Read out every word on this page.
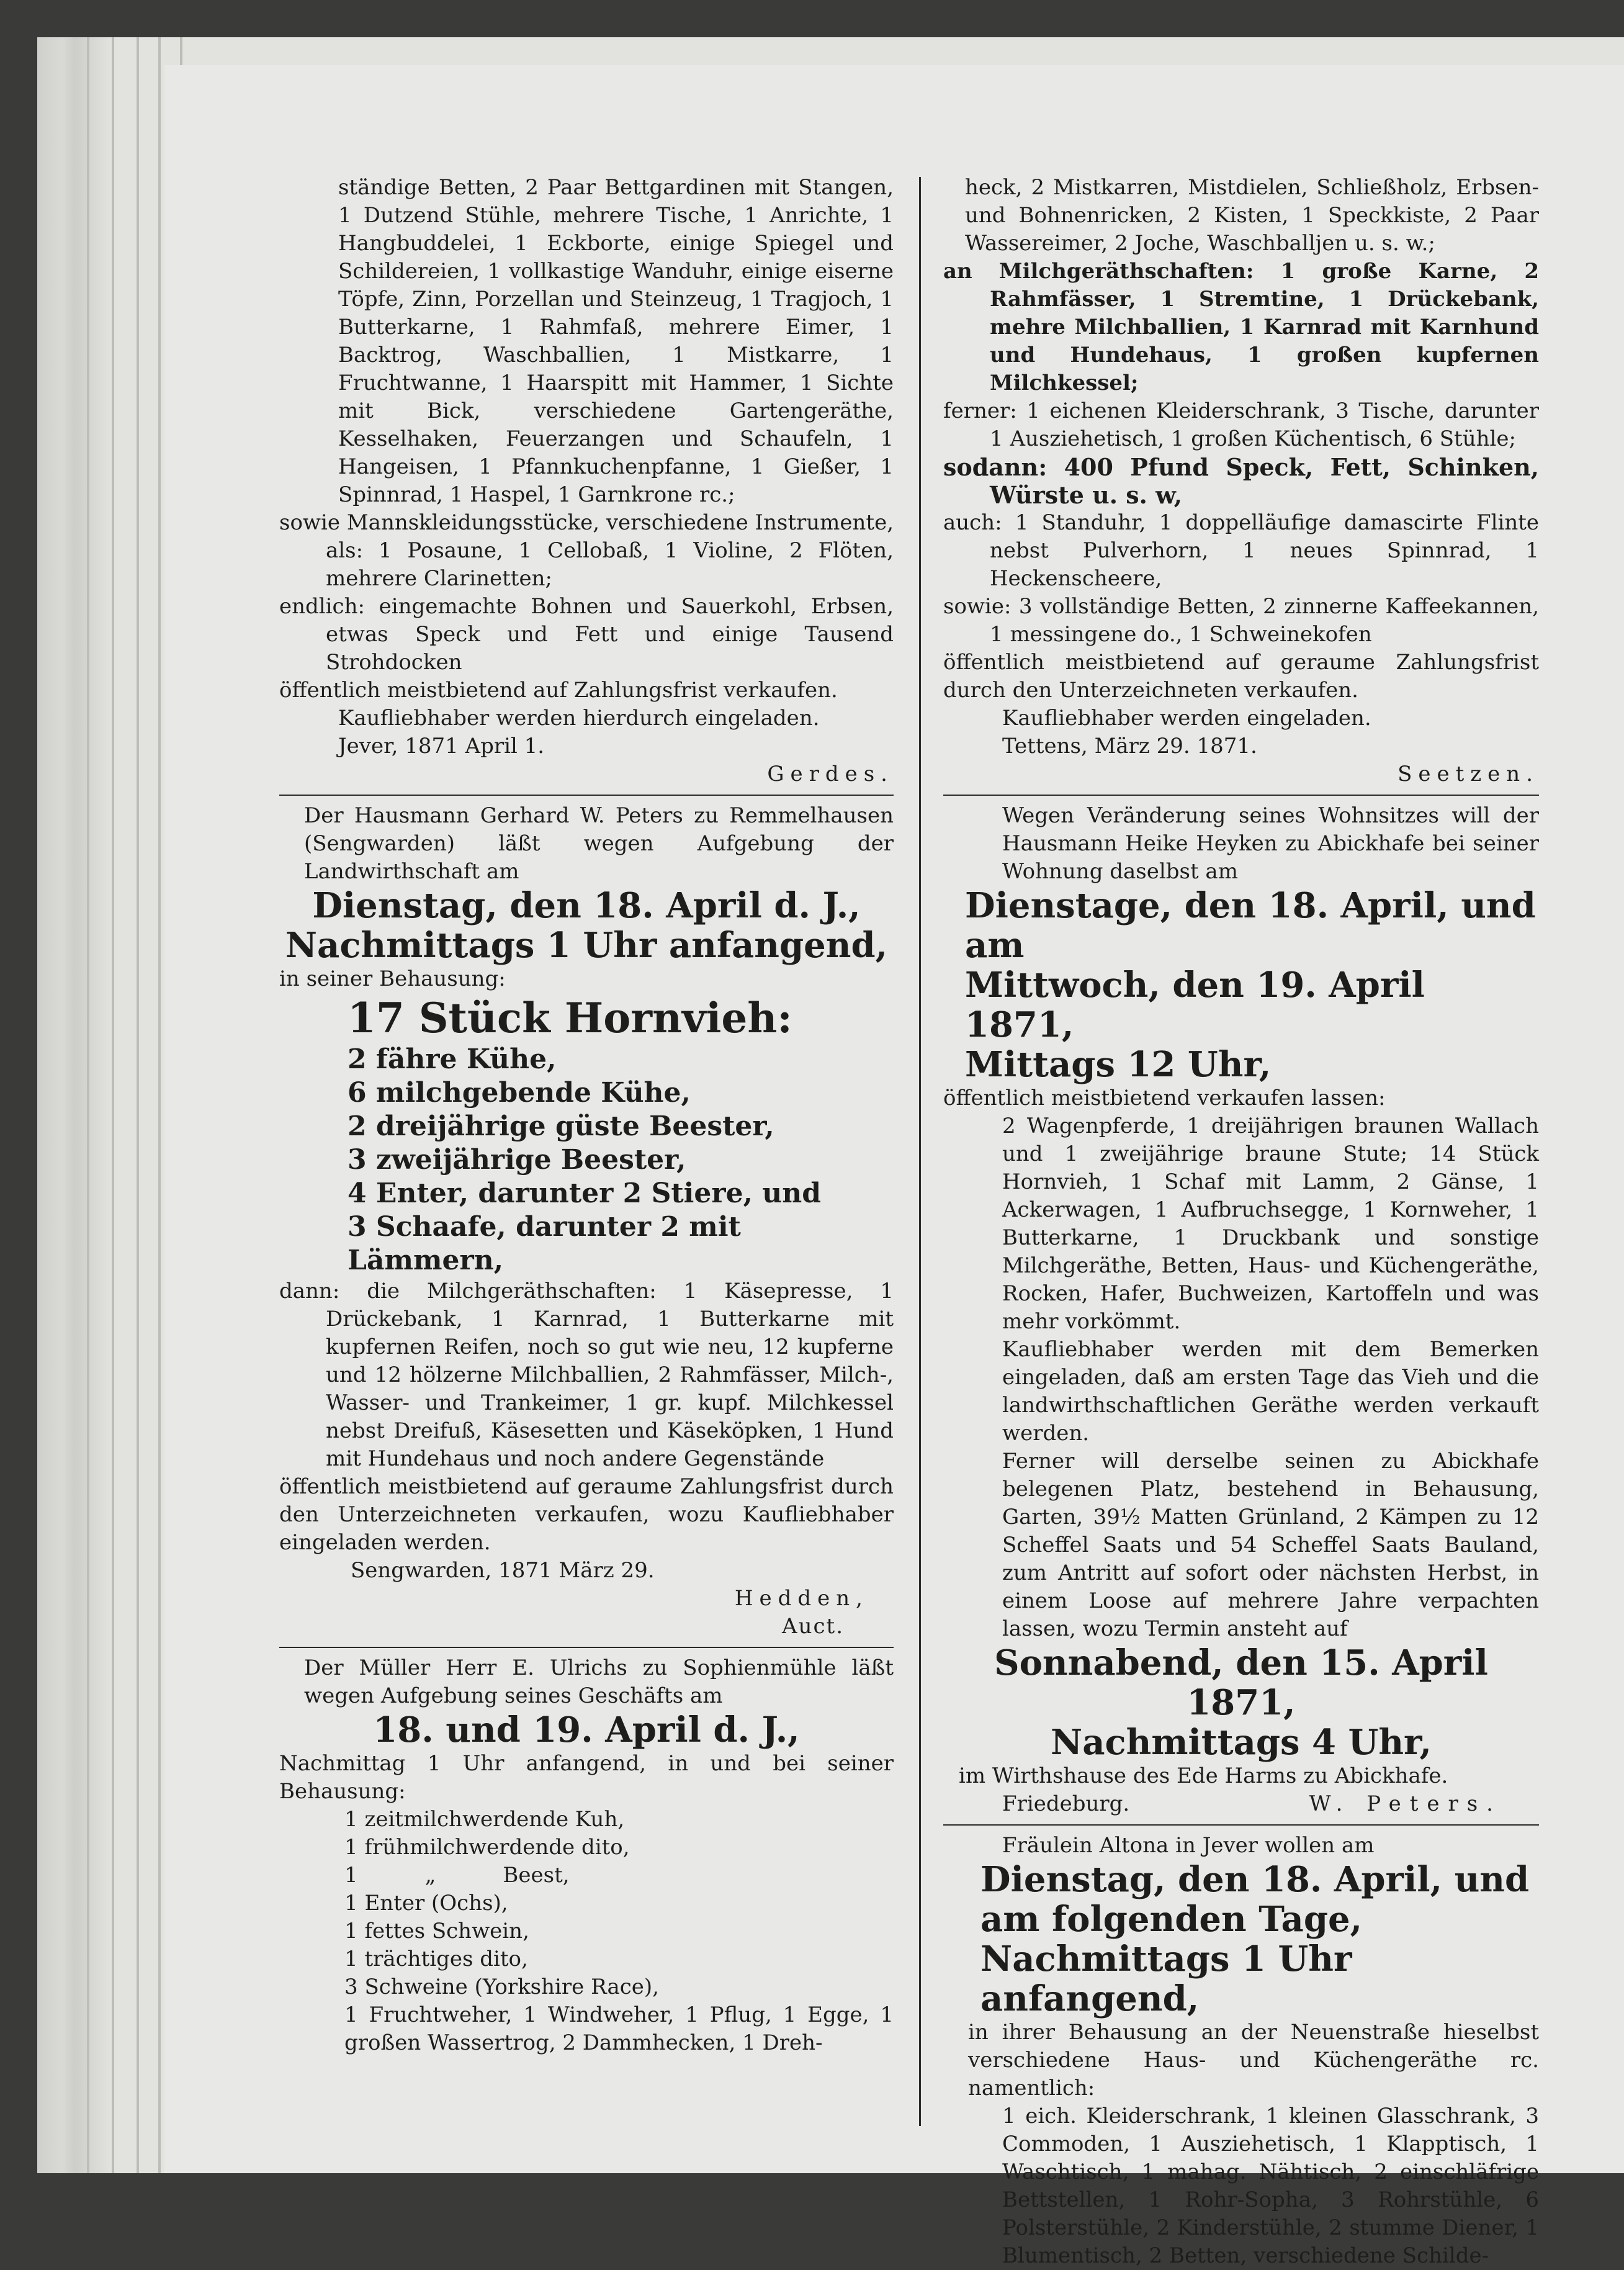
ständige Betten, 2 Paar Bettgardinen mit Stangen, 1 Dutzend Stühle, mehrere Tische, 1 Anrichte, 1 Hangbuddelei, 1 Eckborte, einige Spiegel und Schildereien, 1 vollkastige Wanduhr, einige eiserne Töpfe, Zinn, Porzellan und Steinzeug, 1 Tragjoch, 1 Butterkarne, 1 Rahmfaß, mehrere Eimer, 1 Backtrog, Waschballien, 1 Mistkarre, 1 Fruchtwanne, 1 Haarspitt mit Hammer, 1 Sichte mit Bick, verschiedene Gartengeräthe, Kesselhaken, Feuerzangen und Schaufeln, 1 Hangeisen, 1 Pfannkuchenpfanne, 1 Gießer, 1 Spinnrad, 1 Haspel, 1 Garnkrone rc.;

sowie Mannskleidungsstücke, verschiedene Instrumente, als: 1 Posaune, 1 Cellobaß, 1 Violine, 2 Flöten, mehrere Clarinetten;

endlich: eingemachte Bohnen und Sauerkohl, Erbsen, etwas Speck und Fett und einige Tausend Strohdocken

öffentlich meistbietend auf Zahlungsfrist verkaufen.

Kaufliebhaber werden hierdurch eingeladen.

Jever, 1871 April 1.

Gerdes.

Der Hausmann Gerhard W. Peters zu Remmelhausen (Sengwarden) läßt wegen Aufgebung der Landwirthschaft am

Dienstag, den 18. April d. J.,

Nachmittags 1 Uhr anfangend,

in seiner Behausung:

17 Stück Hornvieh:

2 fähre Kühe,
6 milchgebende Kühe,
2 dreijährige güste Beester,
3 zweijährige Beester,
4 Enter, darunter 2 Stiere, und
3 Schaafe, darunter 2 mit Lämmern,

dann: die Milchgeräthschaften: 1 Käsepresse, 1 Drückebank, 1 Karnrad, 1 Butterkarne mit kupfernen Reifen, noch so gut wie neu, 12 kupferne und 12 hölzerne Milchballien, 2 Rahmfässer, Milch-, Wasser- und Trankeimer, 1 gr. kupf. Milchkessel nebst Dreifuß, Käsesetten und Käseköpken, 1 Hund mit Hundehaus und noch andere Gegenstände

öffentlich meistbietend auf geraume Zahlungsfrist durch den Unterzeichneten verkaufen, wozu Kaufliebhaber eingeladen werden.

Sengwarden, 1871 März 29.

Hedden,

Auct.

Der Müller Herr E. Ulrichs zu Sophienmühle läßt wegen Aufgebung seines Geschäfts am

18. und 19. April d. J.,

Nachmittag 1 Uhr anfangend, in und bei seiner Behausung:

1 zeitmilchwerdende Kuh,
1 frühmilchwerdende dito,
1          „          Beest,
1 Enter (Ochs),
1 fettes Schwein,
1 trächtiges dito,
3 Schweine (Yorkshire Race),
1 Fruchtweher, 1 Windweher, 1 Pflug, 1 Egge, 1 großen Wassertrog, 2 Dammhecken, 1 Dreh-

heck, 2 Mistkarren, Mistdielen, Schließholz, Erbsen- und Bohnenricken, 2 Kisten, 1 Speckkiste, 2 Paar Wassereimer, 2 Joche, Waschballjen u. s. w.;

an Milchgeräthschaften: 1 große Karne, 2 Rahmfässer, 1 Stremtine, 1 Drückebank, mehre Milchballien, 1 Karnrad mit Karnhund und Hundehaus, 1 großen kupfernen Milchkessel;

ferner: 1 eichenen Kleiderschrank, 3 Tische, darunter 1 Ausziehetisch, 1 großen Küchentisch, 6 Stühle;

sodann: 400 Pfund Speck, Fett, Schinken, Würste u. s. w,

auch: 1 Standuhr, 1 doppelläufige damascirte Flinte nebst Pulverhorn, 1 neues Spinnrad, 1 Heckenscheere,

sowie: 3 vollständige Betten, 2 zinnerne Kaffeekannen, 1 messingene do., 1 Schweinekofen

öffentlich meistbietend auf geraume Zahlungsfrist durch den Unterzeichneten verkaufen.

Kaufliebhaber werden eingeladen.

Tettens, März 29. 1871.

Seetzen.

Wegen Veränderung seines Wohnsitzes will der Hausmann Heike Heyken zu Abickhafe bei seiner Wohnung daselbst am

Dienstage, den 18. April, und am

Mittwoch, den 19. April 1871,

Mittags 12 Uhr,

öffentlich meistbietend verkaufen lassen:

2 Wagenpferde, 1 dreijährigen braunen Wallach und 1 zweijährige braune Stute; 14 Stück Hornvieh, 1 Schaf mit Lamm, 2 Gänse, 1 Ackerwagen, 1 Aufbruchsegge, 1 Kornweher, 1 Butterkarne, 1 Druckbank und sonstige Milchgeräthe, Betten, Haus- und Küchengeräthe, Rocken, Hafer, Buchweizen, Kartoffeln und was mehr vorkömmt.

Kaufliebhaber werden mit dem Bemerken eingeladen, daß am ersten Tage das Vieh und die landwirthschaftlichen Geräthe werden verkauft werden.

Ferner will derselbe seinen zu Abickhafe belegenen Platz, bestehend in Behausung, Garten, 39½ Matten Grünland, 2 Kämpen zu 12 Scheffel Saats und 54 Scheffel Saats Bauland, zum Antritt auf sofort oder nächsten Herbst, in einem Loose auf mehrere Jahre verpachten lassen, wozu Termin ansteht auf

Sonnabend, den 15. April 1871,

Nachmittags 4 Uhr,

im Wirthshause des Ede Harms zu Abickhafe.

Friedeburg.	W. Peters.

Fräulein Altona in Jever wollen am

Dienstag, den 18. April, und am folgenden Tage, Nachmittags 1 Uhr anfangend,

in ihrer Behausung an der Neuenstraße hieselbst verschiedene Haus- und Küchengeräthe rc. namentlich:

1 eich. Kleiderschrank, 1 kleinen Glasschrank, 3 Commoden, 1 Ausziehetisch, 1 Klapptisch, 1 Waschtisch, 1 mahag. Nähtisch, 2 einschläfrige Bettstellen, 1 Rohr-Sopha, 3 Rohrstühle, 6 Polsterstühle, 2 Kinderstühle, 2 stumme Diener, 1 Blumentisch, 2 Betten, verschiedene Schilde-
